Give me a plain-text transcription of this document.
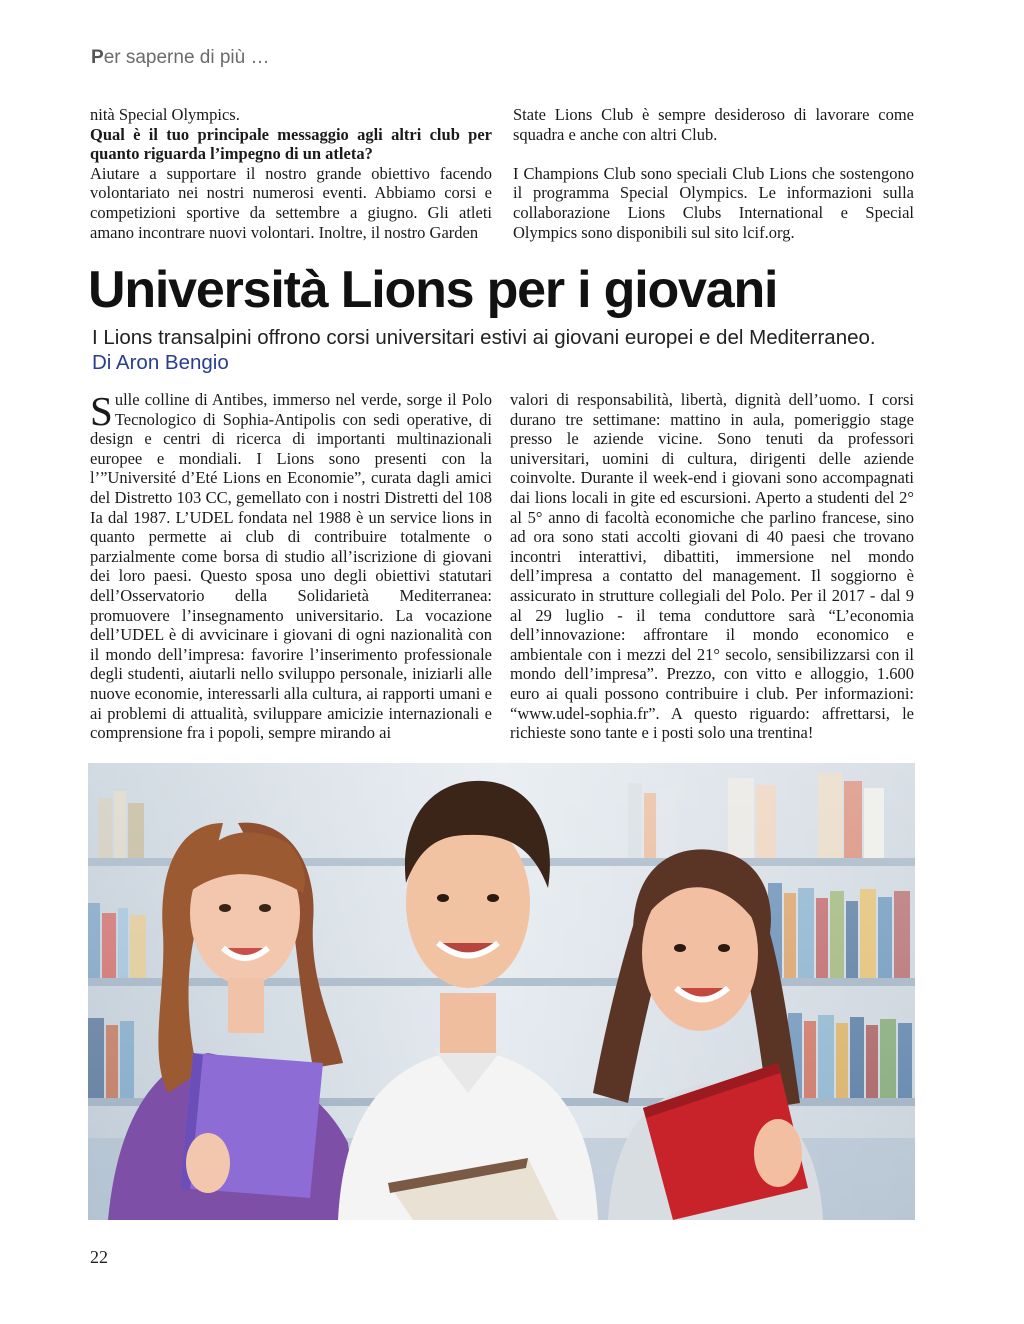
Per saperne di più …

nità Special Olympics.

Qual è il tuo principale messaggio agli altri club per quanto riguarda l’impegno di un atleta?

Aiutare a supportare il nostro grande obiettivo facendo volontariato nei nostri numerosi eventi. Abbiamo corsi e competizioni sportive da settembre a giugno. Gli atleti amano incontrare nuovi volontari. Inoltre, il nostro Garden

State Lions Club è sempre desideroso di lavorare come squadra e anche con altri Club.

I Champions Club sono speciali Club Lions che sostengono il programma Special Olympics. Le informazioni sulla collaborazione Lions Clubs International e Special Olympics sono disponibili sul sito lcif.org.

Università Lions per i giovani
I Lions transalpini offrono corsi universitari estivi ai giovani europei e del Mediterraneo.
Di Aron Bengio

Sulle colline di Antibes, immerso nel verde, sorge il Polo Tecnologico di Sophia-Antipolis con sedi operative, di design e centri di ricerca di importanti multinazionali europee e mondiali. I Lions sono presenti con la l’”Université d’Eté Lions en Economie”, curata dagli amici del Distretto 103 CC, gemellato con i nostri Distretti del 108 Ia dal 1987. L’UDEL fondata nel 1988 è un service lions in quanto permette ai club di contribuire totalmente o parzialmente come borsa di studio all’iscrizione di giovani dei loro paesi. Questo sposa uno degli obiettivi statutari dell’Osservatorio della Solidarietà Mediterranea: promuovere l’insegnamento universitario. La vocazione dell’UDEL è di avvicinare i giovani di ogni nazionalità con il mondo dell’impresa: favorire l’inserimento professionale degli studenti, aiutarli nello sviluppo personale, iniziarli alle nuove economie, interessarli alla cultura, ai rapporti umani e ai problemi di attualità, sviluppare amicizie internazionali e comprensione fra i popoli, sempre mirando ai

valori di responsabilità, libertà, dignità dell’uomo. I corsi durano tre settimane: mattino in aula, pomeriggio stage presso le aziende vicine. Sono tenuti da professori universitari, uomini di cultura, dirigenti delle aziende coinvolte. Durante il week-end i giovani sono accompagnati dai lions locali in gite ed escursioni. Aperto a studenti del 2° al 5° anno di facoltà economiche che parlino francese, sino ad ora sono stati accolti giovani di 40 paesi che trovano incontri interattivi, dibattiti, immersione nel mondo dell’impresa a contatto del management. Il soggiorno è assicurato in strutture collegiali del Polo. Per il 2017 - dal 9 al 29 luglio - il tema conduttore sarà “L’economia dell’innovazione: affrontare il mondo economico e ambientale con i mezzi del 21° secolo, sensibilizzarsi con il mondo dell’impresa”. Prezzo, con vitto e alloggio, 1.600 euro ai quali possono contribuire i club. Per informazioni: “www.udel-sophia.fr”. A questo riguardo: affrettarsi, le richieste sono tante e i posti solo una trentina!

22
